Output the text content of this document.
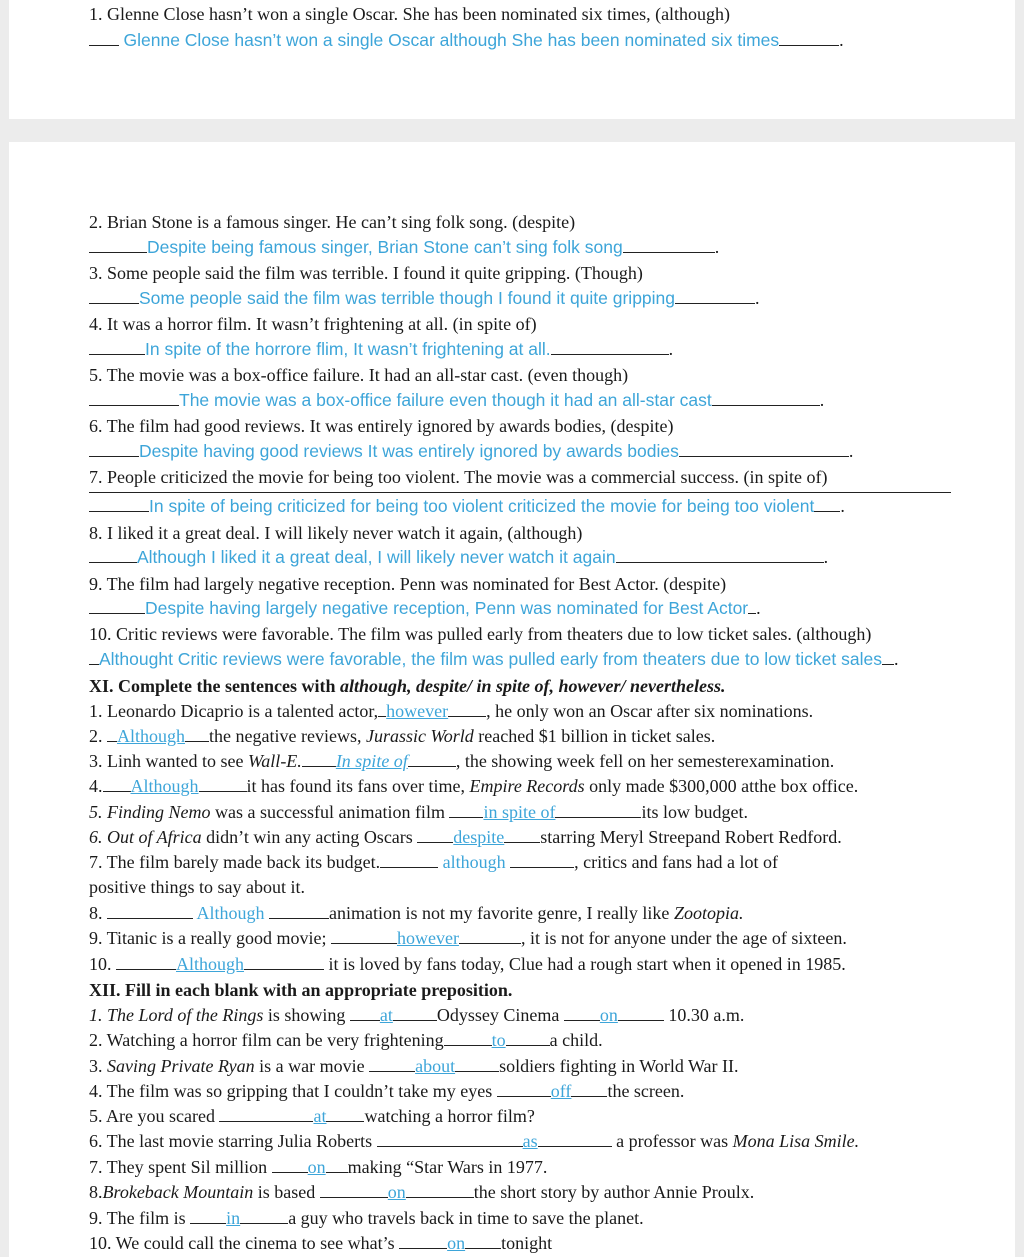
1. Glenne Close hasn’t won a single Oscar. She has been nominated six times, (although)
Glenne Close hasn’t won a single Oscar although She has been nominated six times	.
2. Brian Stone is a famous singer. He can’t sing folk song. (despite)
Despite being famous singer, Brian Stone can’t sing folk song	.
3. Some people said the film was terrible. I found it quite gripping. (Though)
Some people said the film was terrible though I found it quite gripping	.
4. It was a horror film. It wasn’t frightening at all. (in spite of)
In spite of the horrore flim, It wasn’t frightening at all.	.
5. The movie was a box-office failure. It had an all-star cast. (even though)
The movie was a box-office failure even though it had an all-star cast	.
6. The film had good reviews. It was entirely ignored by awards bodies, (despite)
Despite having good reviews It was entirely ignored by awards bodies	.
7. People criticized the movie for being too violent. The movie was a commercial success. (in spite of)
In spite of being criticized for being too violent criticized the movie for being too violent .
8. I liked it a great deal. I will likely never watch it again, (although)
Although I liked it a great deal, I will likely never watch it again	.
9. The film had largely negative reception. Penn was nominated for Best Actor. (despite)
Despite having largely negative reception, Penn was nominated for Best Actor .
10. Critic reviews were favorable. The film was pulled early from theaters due to low ticket sales. (although)
Althought Critic reviews were favorable, the film was pulled early from theaters due to low ticket sales .
XI. Complete the sentences with although, despite/ in spite of, however/ nevertheless.
1. Leonardo Dicaprio is a talented actor, however , he only won an Oscar after six nominations.
2. Although the negative reviews, Jurassic World reached $1 billion in ticket sales.
3. Linh wanted to see Wall-E. In spite of	, the showing week fell on her semesterexamination.
4. Although	it has found its fans over time, Empire Records only made $300,000 atthe box office.
5. Finding Nemo was a successful animation film in spite of	its low budget.
6. Out of Africa didn’t win any acting Oscars despite starring Meryl Streepand Robert Redford.
7. The film barely made back its budget.	although	, critics and fans had a lot of
positive things to say about it.
8.	Although	animation is not my favorite genre, I really like Zootopia.
9. Titanic is a really good movie;	however	, it is not for anyone under the age of sixteen.
10.	Although	it is loved by fans today, Clue had a rough start when it opened in 1985.
XII. Fill in each blank with an appropriate preposition.
1. The Lord of the Rings is showing at Odyssey Cinema on	10.30 a.m.
2. Watching a horror film can be very frightening	to a child.
3. Saving Private Ryan is a war movie	about soldiers fighting in World War II.
4. The film was so gripping that I couldn’t take my eyes	off the screen.
5. Are you scared	at watching a horror film?
6. The last movie starring Julia Roberts	as	a professor was Mona Lisa Smile.
7. They spent Sil million on making “Star Wars in 1977.
8.Brokeback Mountain is based	on	the short story by author Annie Proulx.
9. The film is in	a guy who travels back in time to save the planet.
10. We could call the cinema to see what’s	on tonight
